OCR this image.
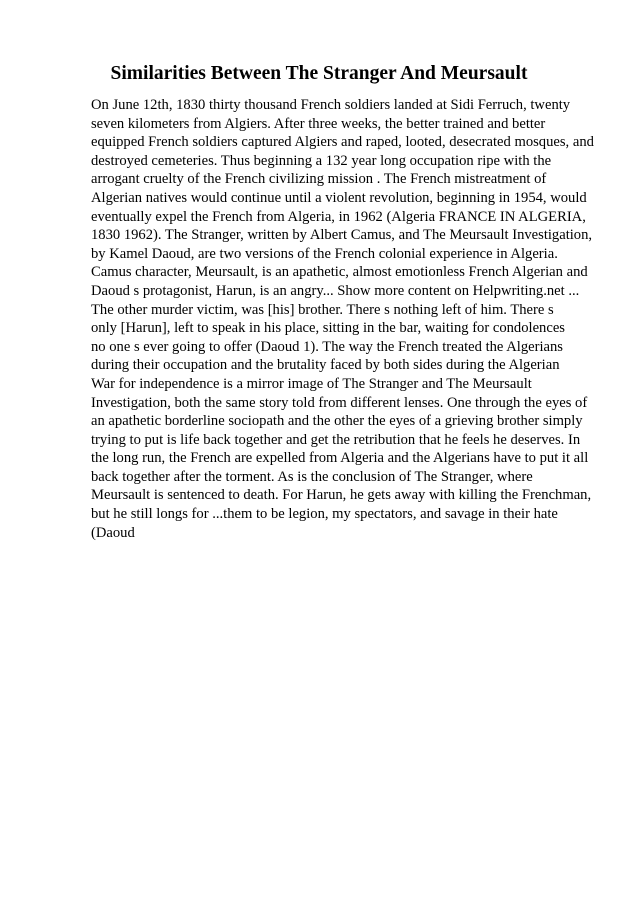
Similarities Between The Stranger And Meursault

On June 12th, 1830 thirty thousand French soldiers landed at Sidi Ferruch, twenty
seven kilometers from Algiers. After three weeks, the better trained and better
equipped French soldiers captured Algiers and raped, looted, desecrated mosques, and
destroyed cemeteries. Thus beginning a 132 year long occupation ripe with the
arrogant cruelty of the French civilizing mission . The French mistreatment of
Algerian natives would continue until a violent revolution, beginning in 1954, would
eventually expel the French from Algeria, in 1962 (Algeria FRANCE IN ALGERIA,
1830 1962). The Stranger, written by Albert Camus, and The Meursault Investigation,
by Kamel Daoud, are two versions of the French colonial experience in Algeria.
Camus character, Meursault, is an apathetic, almost emotionless French Algerian and
Daoud s protagonist, Harun, is an angry... Show more content on Helpwriting.net ...
The other murder victim, was [his] brother. There s nothing left of him. There s
only [Harun], left to speak in his place, sitting in the bar, waiting for condolences
no one s ever going to offer (Daoud 1). The way the French treated the Algerians
during their occupation and the brutality faced by both sides during the Algerian
War for independence is a mirror image of The Stranger and The Meursault
Investigation, both the same story told from different lenses. One through the eyes of
an apathetic borderline sociopath and the other the eyes of a grieving brother simply
trying to put is life back together and get the retribution that he feels he deserves. In
the long run, the French are expelled from Algeria and the Algerians have to put it all
back together after the torment. As is the conclusion of The Stranger, where
Meursault is sentenced to death. For Harun, he gets away with killing the Frenchman,
but he still longs for ...them to be legion, my spectators, and savage in their hate
(Daoud
